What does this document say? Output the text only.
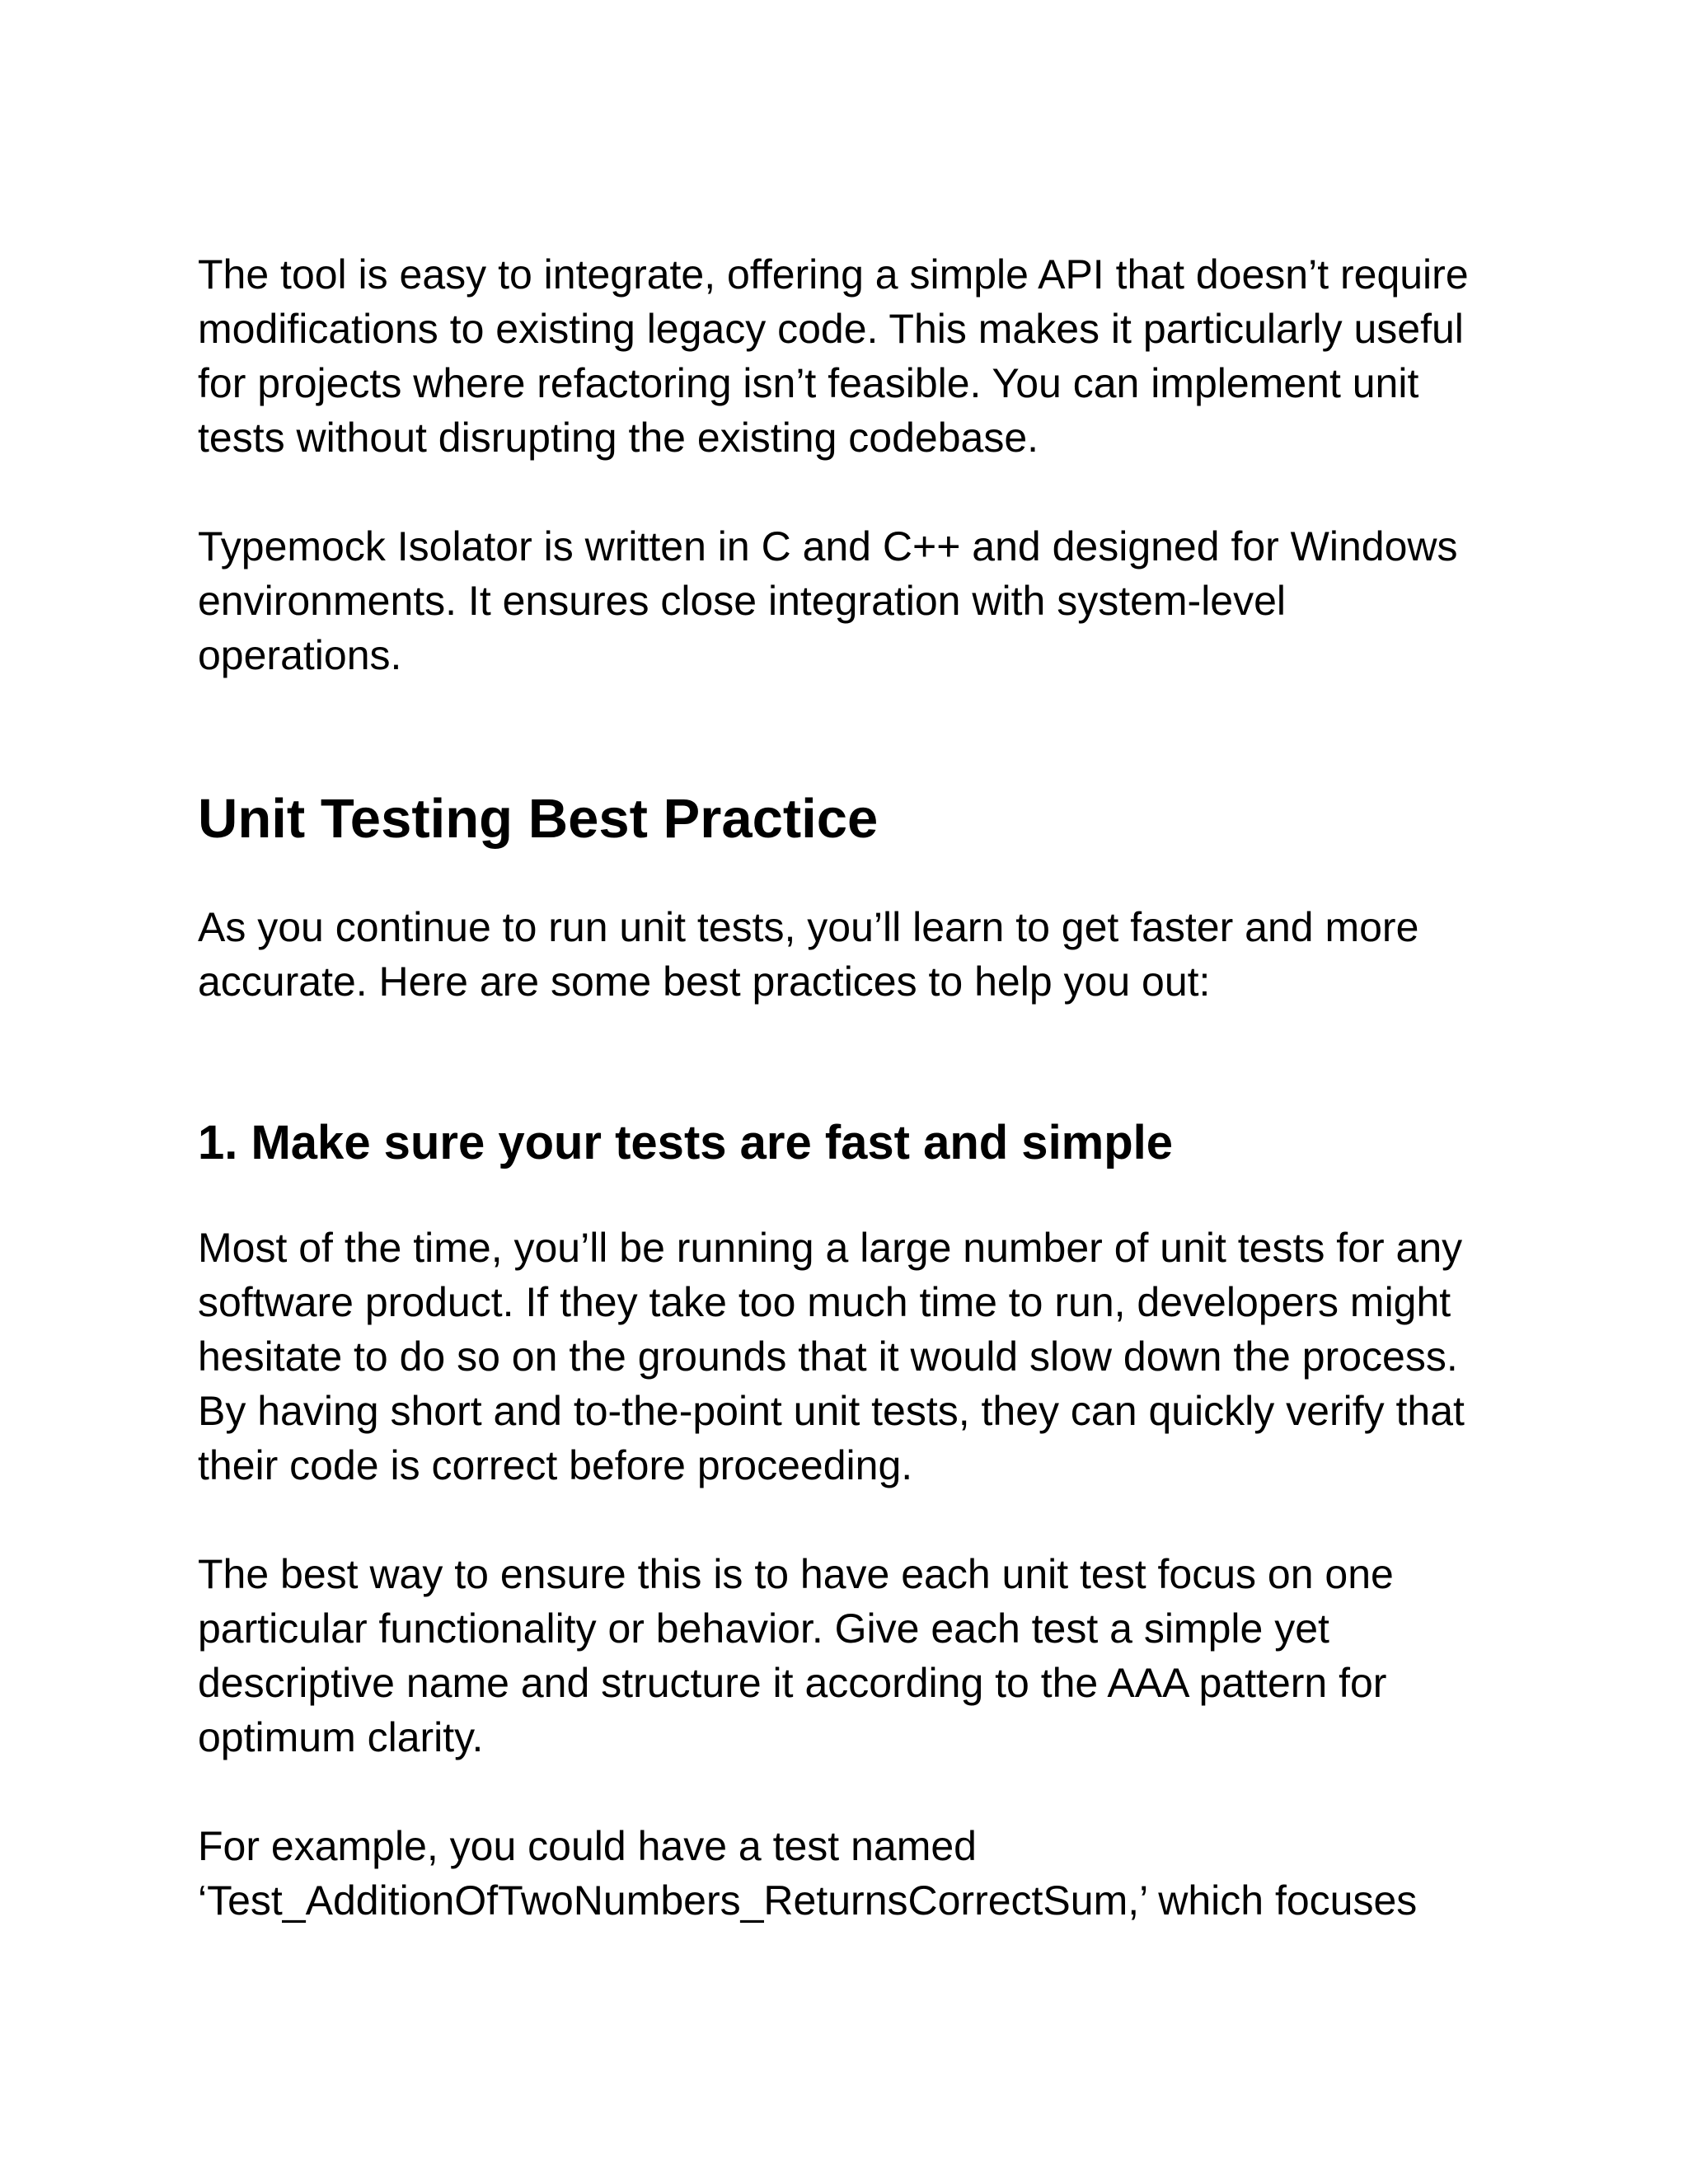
The tool is easy to integrate, offering a simple API that doesn’t require modifications to existing legacy code. This makes it particularly useful for projects where refactoring isn’t feasible. You can implement unit tests without disrupting the existing codebase.

Typemock Isolator is written in C and C++ and designed for Windows environments. It ensures close integration with system-level operations.

Unit Testing Best Practice

As you continue to run unit tests, you’ll learn to get faster and more accurate. Here are some best practices to help you out:

1. Make sure your tests are fast and simple

Most of the time, you’ll be running a large number of unit tests for any software product. If they take too much time to run, developers might hesitate to do so on the grounds that it would slow down the process. By having short and to-the-point unit tests, they can quickly verify that their code is correct before proceeding.

The best way to ensure this is to have each unit test focus on one particular functionality or behavior. Give each test a simple yet descriptive name and structure it according to the AAA pattern for optimum clarity.

For example, you could have a test named ‘Test_AdditionOfTwoNumbers_ReturnsCorrectSum,’ which focuses
